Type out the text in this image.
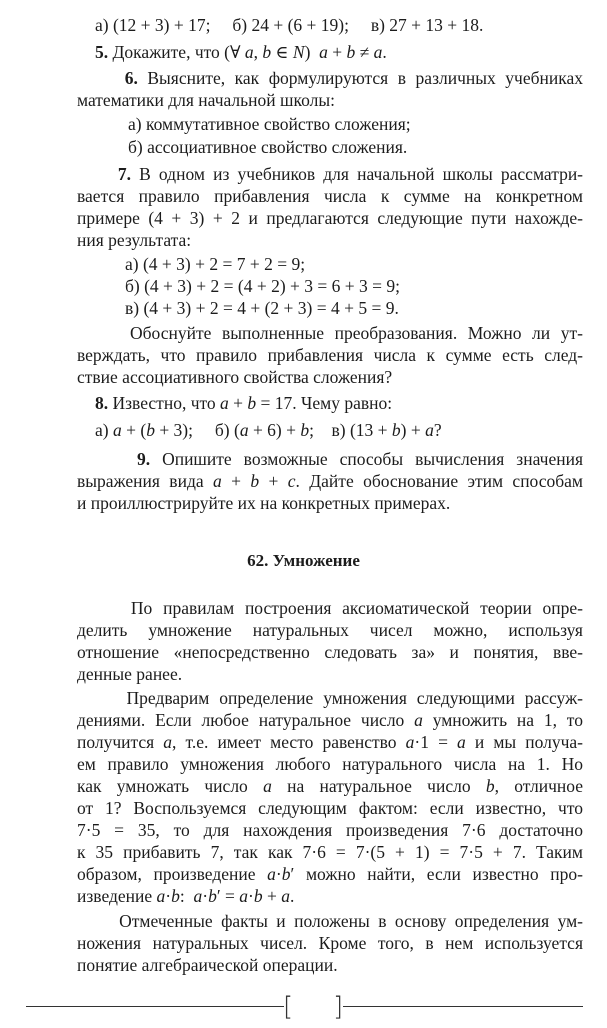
а) (12 + 3) + 17;     б) 24 + (6 + 19);     в) 27 + 13 + 18.
5. Докажите, что (∀ a, b ∈ N)  a + b ≠ a.
6. Выясните, как формулируются в различных учебниках
математики для начальной школы:
а) коммутативное свойство сложения;
б) ассоциативное свойство сложения.
7. В одном из учебников для начальной школы рассматри-
вается правило прибавления числа к сумме на конкретном
примере (4 + 3) + 2 и предлагаются следующие пути нахожде-
ния результата:
а) (4 + 3) + 2 = 7 + 2 = 9;
б) (4 + 3) + 2 = (4 + 2) + 3 = 6 + 3 = 9;
в) (4 + 3) + 2 = 4 + (2 + 3) = 4 + 5 = 9.
Обоснуйте выполненные преобразования. Можно ли ут-
верждать, что правило прибавления числа к сумме есть след-
ствие ассоциативного свойства сложения?
8. Известно, что a + b = 17. Чему равно:
а) a + (b + 3);     б) (a + 6) + b;    в) (13 + b) + a?
9. Опишите возможные способы вычисления значения
выражения вида a + b + c. Дайте обоснование этим способам
и проиллюстрируйте их на конкретных примерах.
По правилам построения аксиоматической теории опре-
делить умножение натуральных чисел можно, используя
отношение «непосредственно следовать за» и понятия, вве-
денные ранее.
Предварим определение умножения следующими рассуж-
дениями. Если любое натуральное число a умножить на 1, то
получится a, т.е. имеет место равенство a·1 = a и мы получа-
ем правило умножения любого натурального числа на 1. Но
как умножать число a на натуральное число b, отличное
от 1? Воспользуемся следующим фактом: если известно, что
7·5 = 35, то для нахождения произведения 7·6 достаточно
к 35 прибавить 7, так как 7·6 = 7·(5 + 1) = 7·5 + 7. Таким
образом, произведение a·b′ можно найти, если известно про-
изведение a·b:  a·b′ = a·b + a.
Отмеченные факты и положены в основу определения ум-
ножения натуральных чисел. Кроме того, в нем используется
понятие алгебраической операции.
62. Умножение
[ ]
